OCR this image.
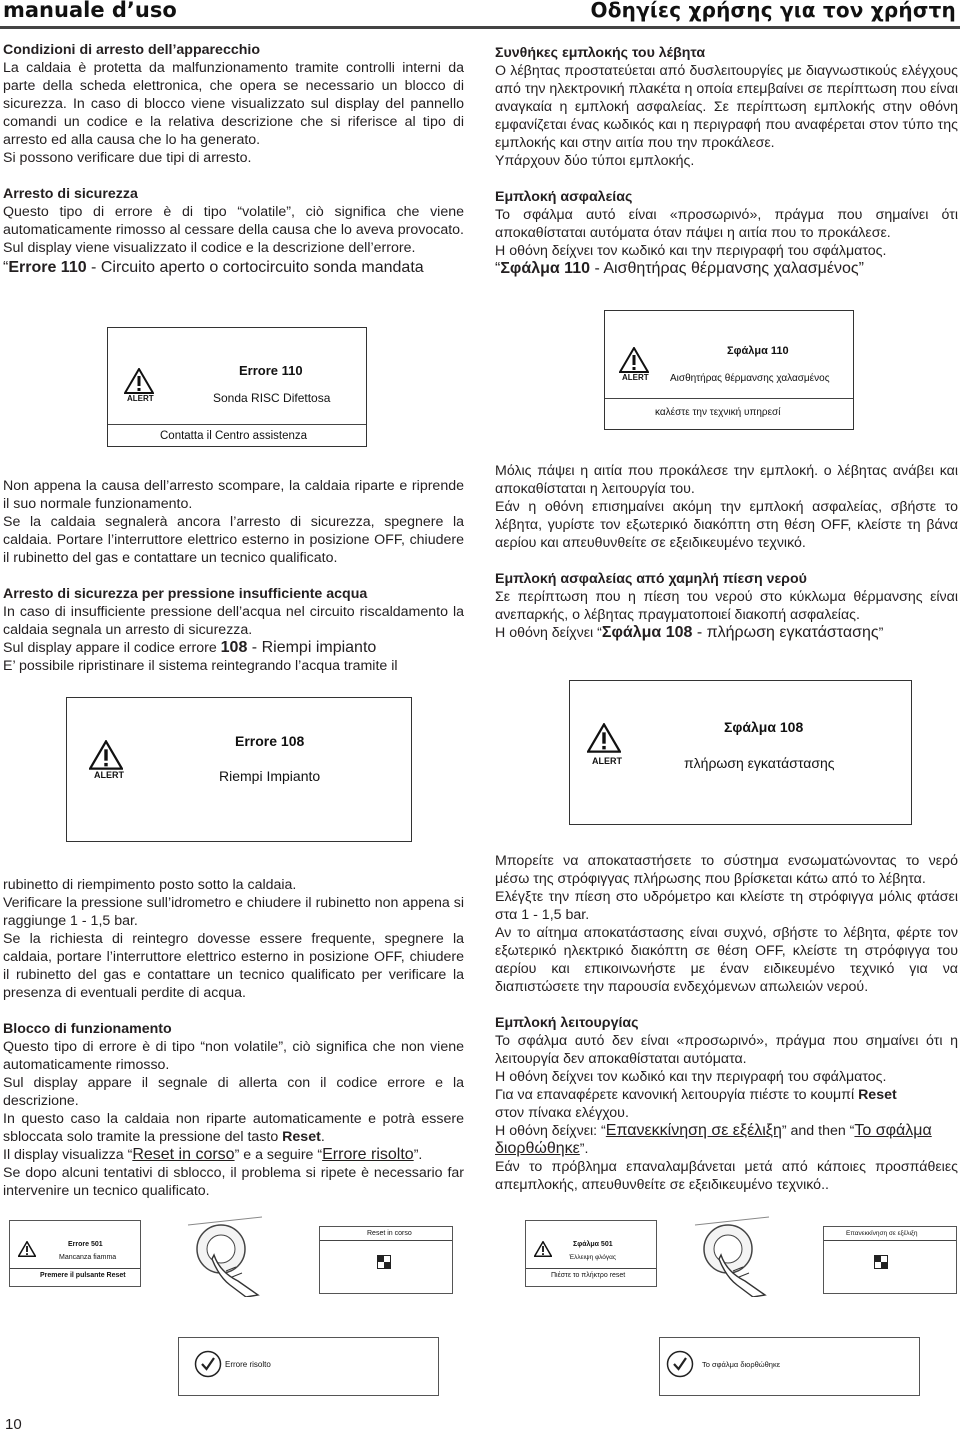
manuale d’uso	Οδηγίες χρήσης για τον χρήστη

Condizioni di arresto dell’apparecchio

La caldaia è protetta da malfunzionamento tramite controlli interni da parte della scheda elettronica, che opera se necessario un blocco di sicurezza. In caso di blocco viene visualizzato sul display del pannello comandi un codice e la relativa descrizione che si riferisce al tipo di arresto ed alla causa che lo ha generato.

Si possono verificare due tipi di arresto.

Arresto di sicurezza

Questo tipo di errore è di tipo “volatile”, ciò significa che viene automaticamente rimosso al cessare della causa che lo aveva provocato. Sul display viene visualizzato il codice e la descrizione dell’errore.

“Errore 110 - Circuito aperto o cortocircuito sonda mandata

Συνθήκες εμπλοκής του λέβητα

Ο λέβητας προστατεύεται από δυσλειτουργίες με διαγνωστικούς ελέγχους από την ηλεκτρονική πλακέτα η οποία επεμβαίνει σε περίπτωση που είναι αναγκαία η εμπλοκή ασφαλείας. Σε περίπτωση εμπλοκής στην οθόνη εμφανίζεται ένας κωδικός και η περιγραφή που αναφέρεται στον τύπο της εμπλοκής και στην αιτία που την προκάλεσε.

Υπάρχουν δύο τύποι εμπλοκής.

Εμπλοκή ασφαλείας

Το σφάλμα αυτό είναι «προσωρινό», πράγμα που σημαίνει ότι αποκαθίσταται αυτόματα όταν πάψει η αιτία που το προκάλεσε.

Η οθόνη δείχνει τον κωδικό και την περιγραφή του σφάλματος.

“Σφάλμα 110 - Αισθητήρας θέρμανσης χαλασμένος”

ALERT
Errore 110
Sonda RISC Difettosa
Contatta il Centro assistenza
ALERT
Σφάλμα 110
Αισθητήρας θέρμανσης χαλασμένος
καλέστε την τεχνική υπηρεσί

Non appena la causa dell’arresto scompare, la caldaia riparte e riprende il suo normale funzionamento.

Se la caldaia segnalerà ancora l’arresto di sicurezza, spegnere la caldaia. Portare l’interruttore elettrico esterno in posizione OFF, chiudere il rubinetto del gas e contattare un tecnico qualificato.

Arresto di sicurezza per pressione insufficiente acqua

In caso di insufficiente pressione dell’acqua nel circuito riscaldamento la caldaia segnala un arresto di sicurezza.

Sul display appare il codice errore 108 - Riempi impianto

E’ possibile ripristinare il sistema reintegrando l’acqua tramite il

Μόλις πάψει η αιτία που προκάλεσε την εμπλοκή. ο λέβητας ανάβει και αποκαθίσταται η λειτουργία του.

Εάν η οθόνη επισημαίνει ακόμη την εμπλοκή ασφαλείας, σβήστε το λέβητα, γυρίστε τον εξωτερικό διακόπτη στη θέση OFF, κλείστε τη βάνα αερίου και απευθυνθείτε σε εξειδικευμένο τεχνικό.

Εμπλοκή ασφαλείας από χαμηλή πίεση νερού

Σε περίπτωση που η πίεση του νερού στο κύκλωμα θέρμανσης είναι ανεπαρκής, ο λέβητας πραγματοποιεί διακοπή ασφαλείας.

Η οθόνη δείχνει “Σφάλμα 108 - πλήρωση εγκατάστασης”

ALERT
Errore 108
Riempi Impianto
ALERT
Σφάλμα 108
πλήρωση εγκατάστασης

rubinetto di riempimento posto sotto la caldaia.

Verificare la pressione sull’idrometro e chiudere il rubinetto non appena si raggiunge 1 - 1,5 bar.

Se la richiesta di reintegro dovesse essere frequente, spegnere la caldaia, portare l’interruttore elettrico esterno in posizione OFF, chiudere il rubinetto del gas e contattare un tecnico qualificato per verificare la presenza di eventuali perdite di acqua.

Blocco di funzionamento

Questo tipo di errore è di tipo “non volatile”, ciò significa che non viene automaticamente rimosso.

Sul display appare il segnale di allerta con il codice errore e la descrizione.

In questo caso la caldaia non riparte automaticamente e potrà essere sbloccata solo tramite la pressione del tasto Reset.

Il display visualizza “Reset in corso” e a seguire “Errore risolto”.

Se dopo alcuni tentativi di sblocco, il problema si ripete è necessario far intervenire un tecnico qualificato.

Μπορείτε να αποκαταστήσετε το σύστημα ενσωματώνοντας το νερό μέσω της στρόφιγγας πλήρωσης που βρίσκεται κάτω από το λέβητα.

Ελέγξτε την πίεση στο υδρόμετρο και κλείστε τη στρόφιγγα μόλις φτάσει στα 1 - 1,5 bar.

Αν το αίτημα αποκατάστασης είναι συχνό, σβήστε το λέβητα, φέρτε τον εξωτερικό ηλεκτρικό διακόπτη σε θέση OFF, κλείστε τη στρόφιγγα του αερίου και επικοινωνήστε με έναν ειδικευμένο τεχνικό για να διαπιστώσετε την παρουσία ενδεχόμενων απωλειών νερού.

Εμπλοκή λειτουργίας

Το σφάλμα αυτό δεν είναι «προσωρινό», πράγμα που σημαίνει ότι η λειτουργία δεν αποκαθίσταται αυτόματα.

Η οθόνη δείχνει τον κωδικό και την περιγραφή του σφάλματος.

Για να επαναφέρετε κανονική λειτουργία πιέστε το κουμπί Reset
στον πίνακα ελέγχου.

Η οθόνη δείχνει: “Επανεκκίνηση σε εξέλιξη” and then “Το σφάλμα διορθώθηκε”.

Εάν το πρόβλημα επαναλαμβάνεται μετά από κάποιες προσπάθειες απεμπλοκής, απευθυνθείτε σε εξειδικευμένο τεχνικό..

Errore 501
Mancanza fiamma
Premere il pulsante Reset
Reset in corso
Errore risolto
Σφάλμα 501
Έλλειψη φλόγας
Πιέστε το πλήκτρο reset
Επανεκκίνηση σε εξέλιξη
Το σφάλμα διορθώθηκε
10
